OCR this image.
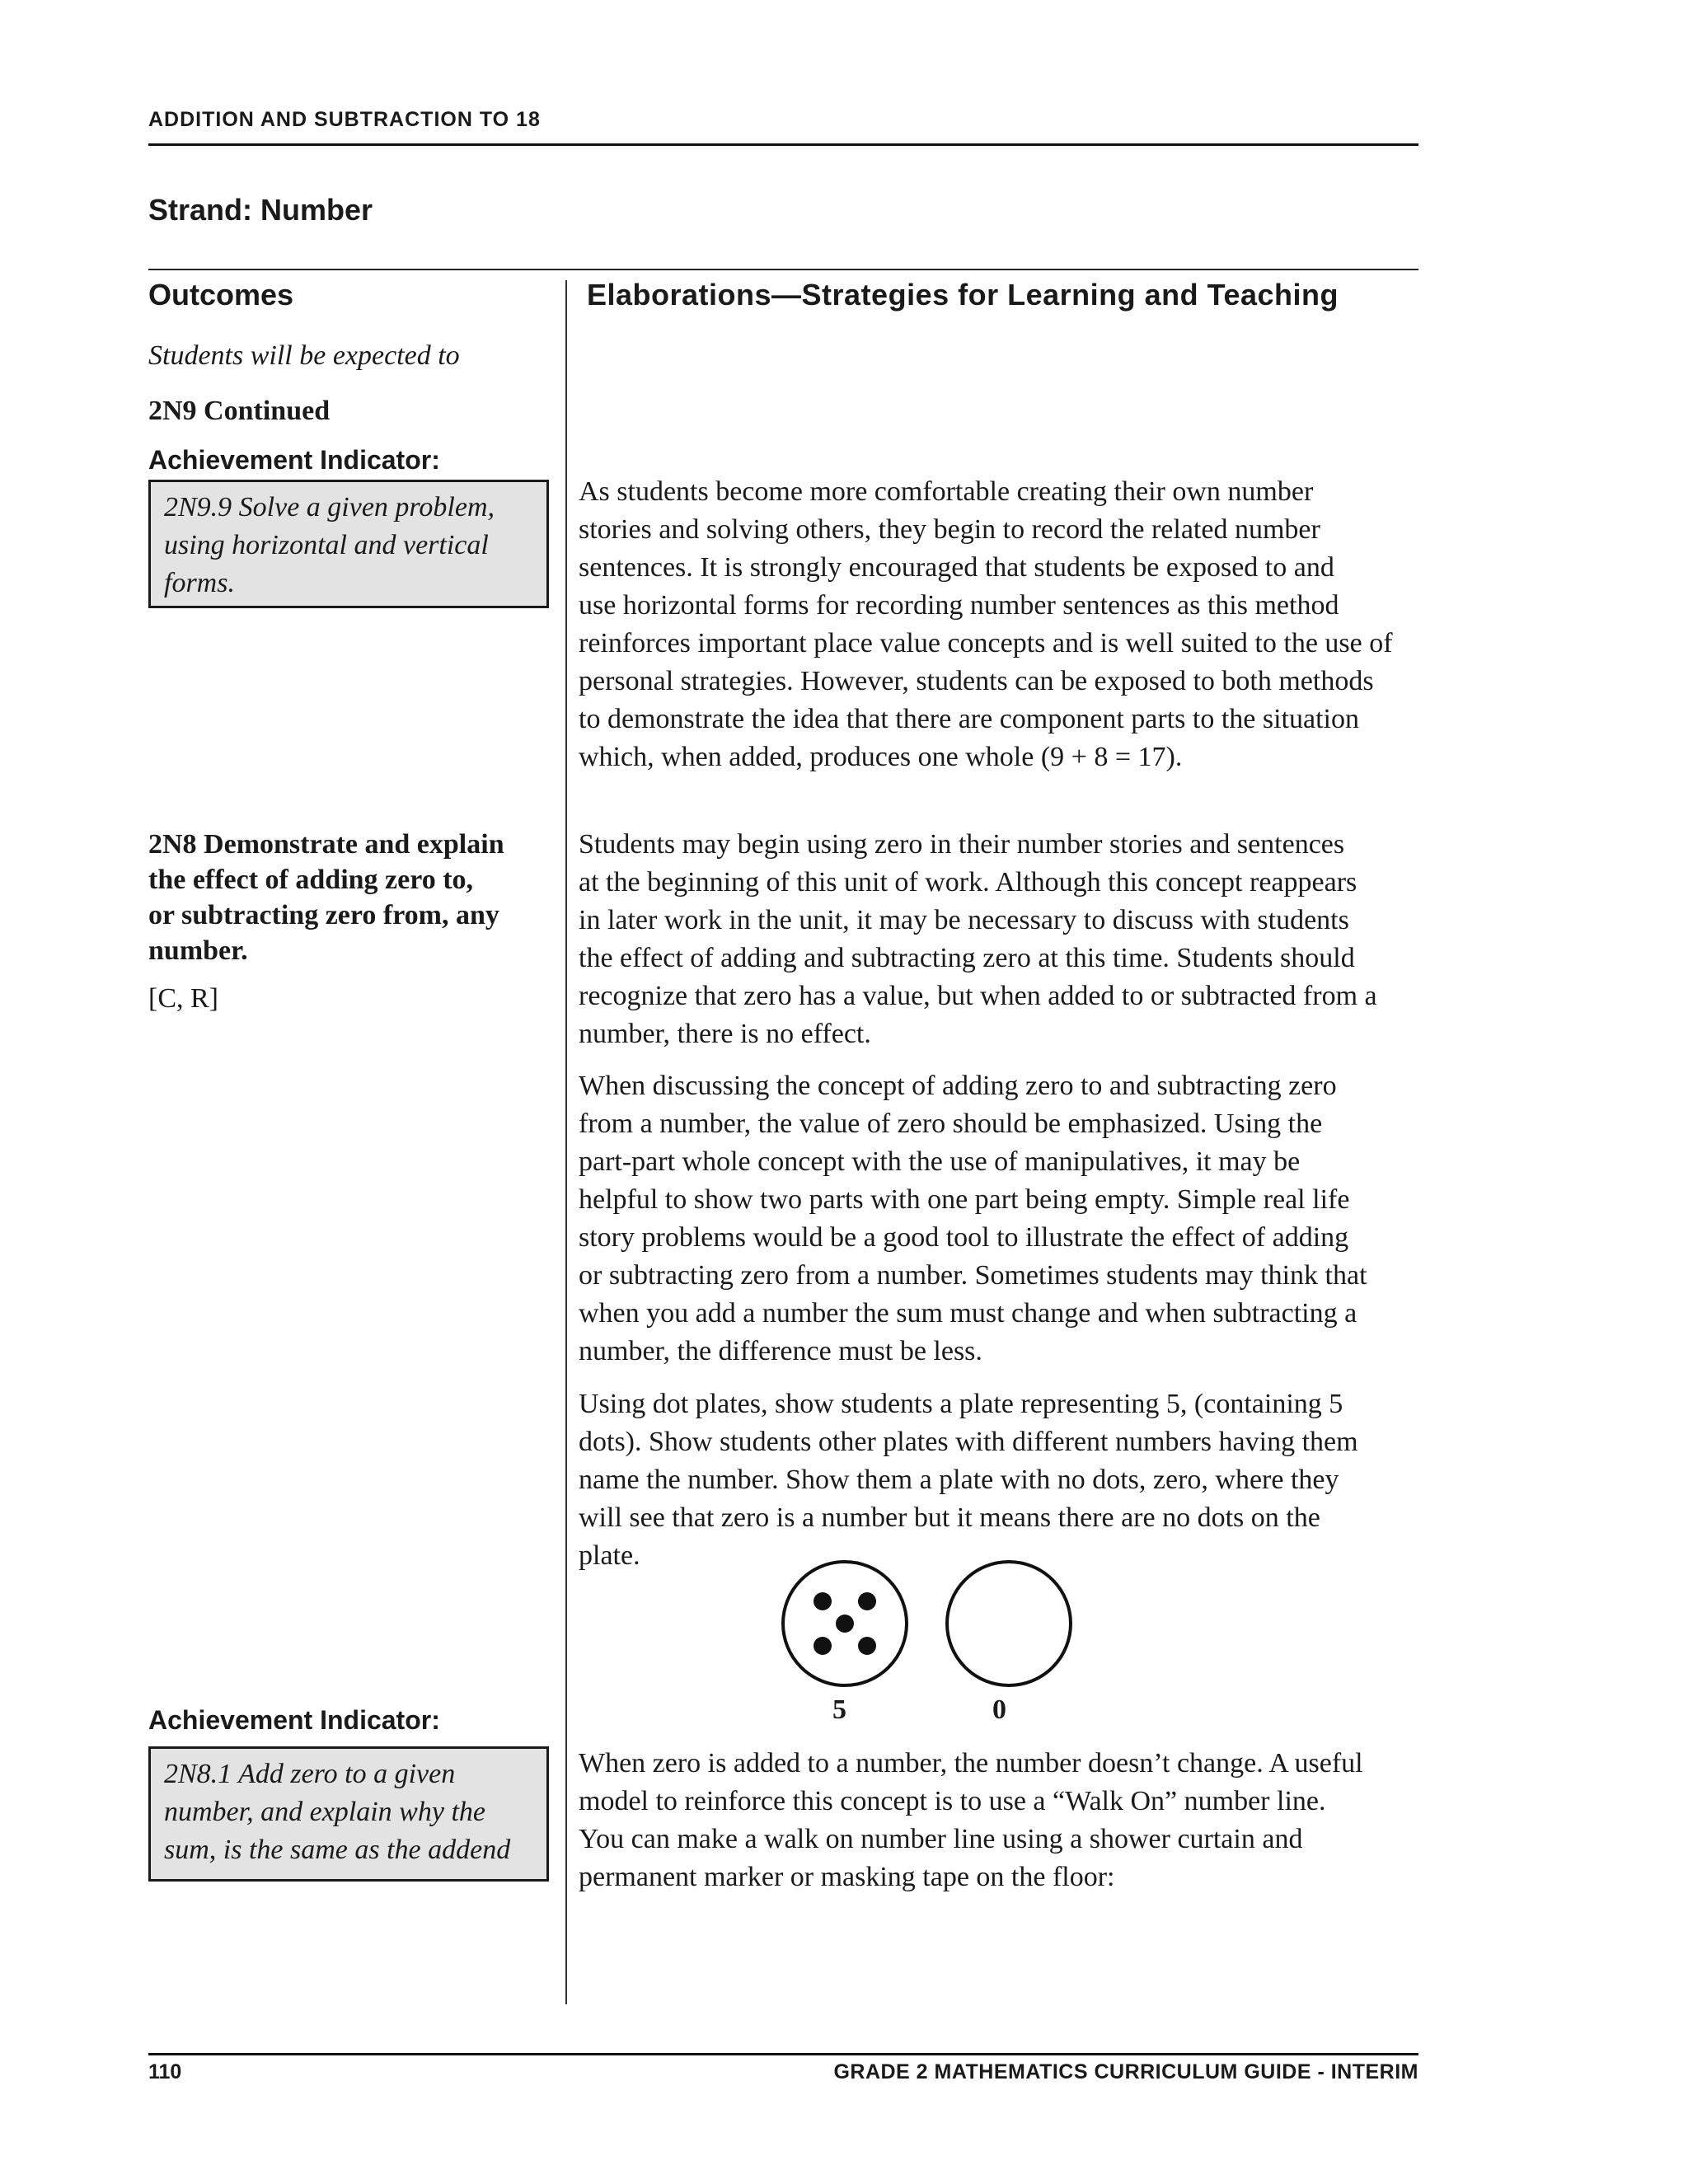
ADDITION AND SUBTRACTION TO 18
Strand: Number
Outcomes	Elaborations—Strategies for Learning and Teaching
Students will be expected to
2N9 Continued
Achievement Indicator:
2N9.9 Solve a given problem,
using horizontal and vertical
forms.
2N8 Demonstrate and explain
the effect of adding zero to,
or subtracting zero from, any
number.
[C, R]
Achievement Indicator:
2N8.1 Add zero to a given
number, and explain why the
sum, is the same as the addend
As students become more comfortable creating their own number
stories and solving others, they begin to record the related number
sentences. It is strongly encouraged that students be exposed to and
use horizontal forms for recording number sentences as this method
reinforces important place value concepts and is well suited to the use of
personal strategies. However, students can be exposed to both methods
to demonstrate the idea that there are component parts to the situation
which, when added, produces one whole (9 + 8 = 17).
Students may begin using zero in their number stories and sentences
at the beginning of this unit of work. Although this concept reappears
in later work in the unit, it may be necessary to discuss with students
the effect of adding and subtracting zero at this time. Students should
recognize that zero has a value, but when added to or subtracted from a
number, there is no effect.
When discussing the concept of adding zero to and subtracting zero
from a number, the value of zero should be emphasized. Using the
part-part whole concept with the use of manipulatives, it may be
helpful to show two parts with one part being empty. Simple real life
story problems would be a good tool to illustrate the effect of adding
or subtracting zero from a number. Sometimes students may think that
when you add a number the sum must change and when subtracting a
number, the difference must be less.
Using dot plates, show students a plate representing 5, (containing 5
dots). Show students other plates with different numbers having them
name the number. Show them a plate with no dots, zero, where they
will see that zero is a number but it means there are no dots on the
plate.
5	0
When zero is added to a number, the number doesn’t change. A useful
model to reinforce this concept is to use a “Walk On” number line.
You can make a walk on number line using a shower curtain and
permanent marker or masking tape on the floor:
110	GRADE 2 MATHEMATICS CURRICULUM GUIDE - INTERIM
